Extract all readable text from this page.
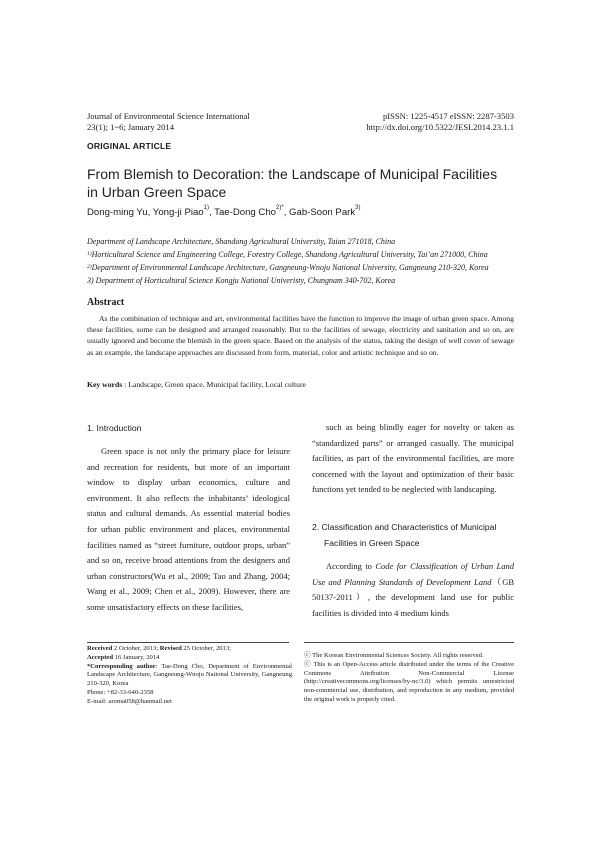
Journal of Environmental Science International
23(1); 1~6; January 2014
pISSN: 1225-4517 eISSN: 2287-3503
http://dx.doi.org/10.5322/JESI.2014.23.1.1
ORIGINAL ARTICLE
From Blemish to Decoration: the Landscape of Municipal Facilities
in Urban Green Space
Dong-ming Yu, Yong-ji Piao$^{1)}$, Tae-Dong Cho$^{2)*}$, Gab-Soon Park$^{3)}$
Department of Landscape Architecture, Shandong Agricultural University, Taian 271018, China
$^{1)}$Horticultural Science and Engineering College, Forestry College, Shandong Agricultural University, Tai’an 271000, China
$^{2)}$Department of Environmental Landscape Architecture, Gangneung-Wnoju National University, Gangneung 210-320, Korea
3) Department of Horticultural Science Kongju National Univeristy, Chungnam 340-702, Korea
Abstract
As the combination of technique and art, environmental facilities have the function to improve the image of urban green space. Among these facilities, some can be designed and arranged reasonably. But to the facilities of sewage, electricity and sanitation and so on, are usually ignored and become the blemish in the green space. Based on the analysis of the status, taking the design of well cover of sewage as an example, the landscape approaches are discussed from form, material, color and artistic technique and so on.
Key words : Landscape, Green space, Municipal facility, Local culture
1. Introduction
Green space is not only the primary place for leisure and recreation for residents, but more of an important window to display urban economics, culture and environment. It also reflects the inhabitants’ ideological status and cultural demands. As essential material bodies for urban public environment and places, environmental facilities named as “street furniture, outdoor props, urban” and so on, receive broad attentions from the designers and urban constructors(Wu et al., 2009; Tao and Zhang, 2004; Wang et al., 2009; Chen et al., 2009). However, there are some unsatisfactory effects on these facilities,
such as being blindly eager for novelty or taken as “standardized parts” or arranged casually. The municipal facilities, as part of the environmental facilities, are more concerned with the layout and optimization of their basic functions yet tended to be neglected with landscaping.
2. Classification and Characteristics of Municipal
Facilities in Green Space
According to Code for Classification of Urban Land Use and Planning Standards of Development Land（GB 50137-2011）, the development land use for public facilities is divided into 4 medium kinds
Received 2 October, 2013; Revised 25 October, 2013;
Accepted 16 January, 2014
*Corresponding author: Tae-Dong Cho, Department of Environmental Landscape Architecture, Gangneung-Wnoju National University, Gangneung 210-320, Korea
Phone: +82-33-640-2358
E-mail: aroma058@hanmail.net
ⓒ The Korean Environmental Sciences Society. All rights reserved.
ⓒ This is an Open-Access article distributed under the terms of the Creative Commons Attribution Non-Commercial License (http://creativecommons.org/licenses/by-nc/3.0) which permits unrestricted non-commercial use, distribution, and reproduction in any medium, provided the original work is properly cited.
